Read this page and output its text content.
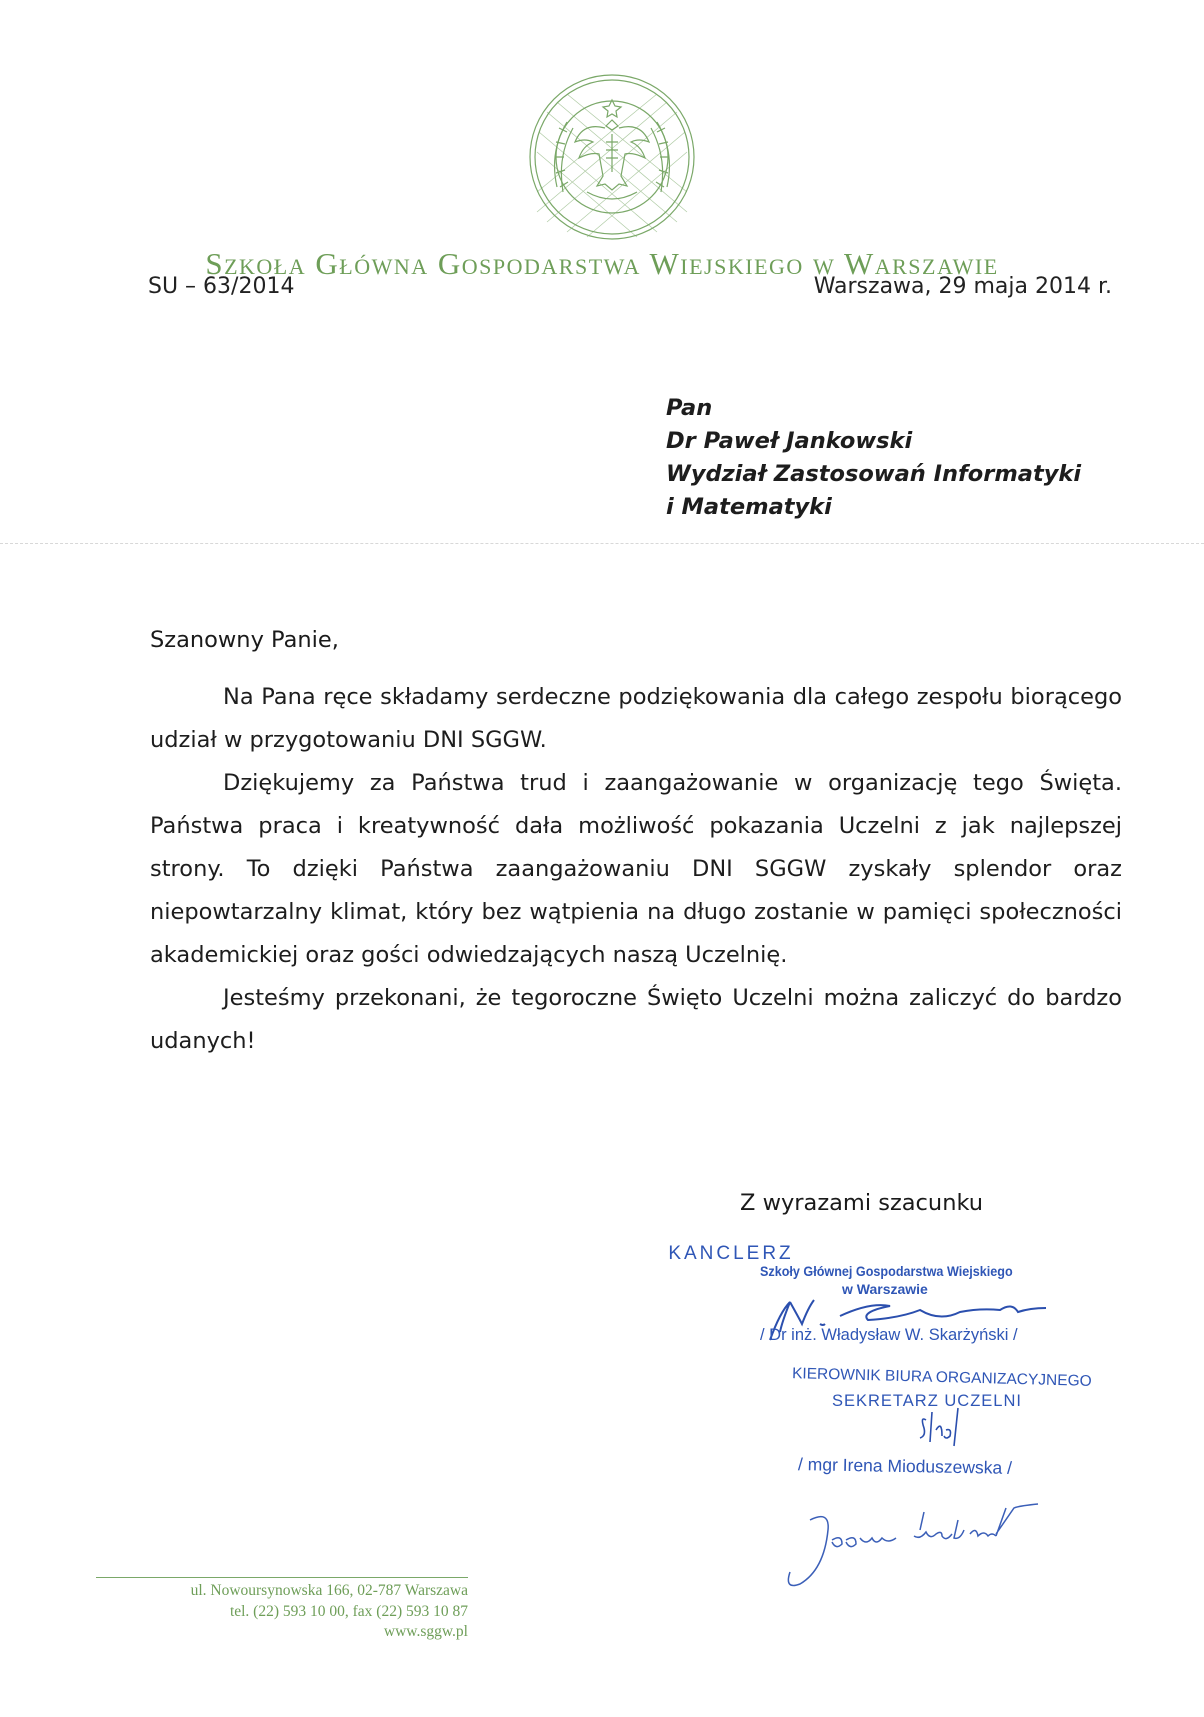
Szkoła Główna Gospodarstwa Wiejskiego w Warszawie
SU – 63/2014	Warszawa, 29 maja 2014 r.
Pan
Dr Paweł Jankowski
Wydział Zastosowań Informatyki
i Matematyki
Szanowny Panie,

Na Pana ręce składamy serdeczne podziękowania dla całego zespołu biorącego
udział w przygotowaniu DNI SGGW.

Dziękujemy za Państwa trud i zaangażowanie w organizację tego Święta.
Państwa praca i kreatywność dała możliwość pokazania Uczelni z jak najlepszej
strony. To dzięki Państwa zaangażowaniu DNI SGGW zyskały splendor oraz
niepowtarzalny klimat, który bez wątpienia na długo zostanie w pamięci społeczności
akademickiej oraz gości odwiedzających naszą Uczelnię.

Jesteśmy przekonani, że tegoroczne Święto Uczelni można zaliczyć do bardzo
udanych!

Z wyrazami szacunku
KANCLERZ
Szkoły Głównej Gospodarstwa Wiejskiego
w Warszawie
/ Dr inż. Władysław W. Skarżyński /
KIEROWNIK BIURA ORGANIZACYJNEGO
SEKRETARZ UCZELNI
/ mgr Irena Mioduszewska /
ul. Nowoursynowska 166, 02-787 Warszawa
tel. (22) 593 10 00, fax (22) 593 10 87
www.sggw.pl
